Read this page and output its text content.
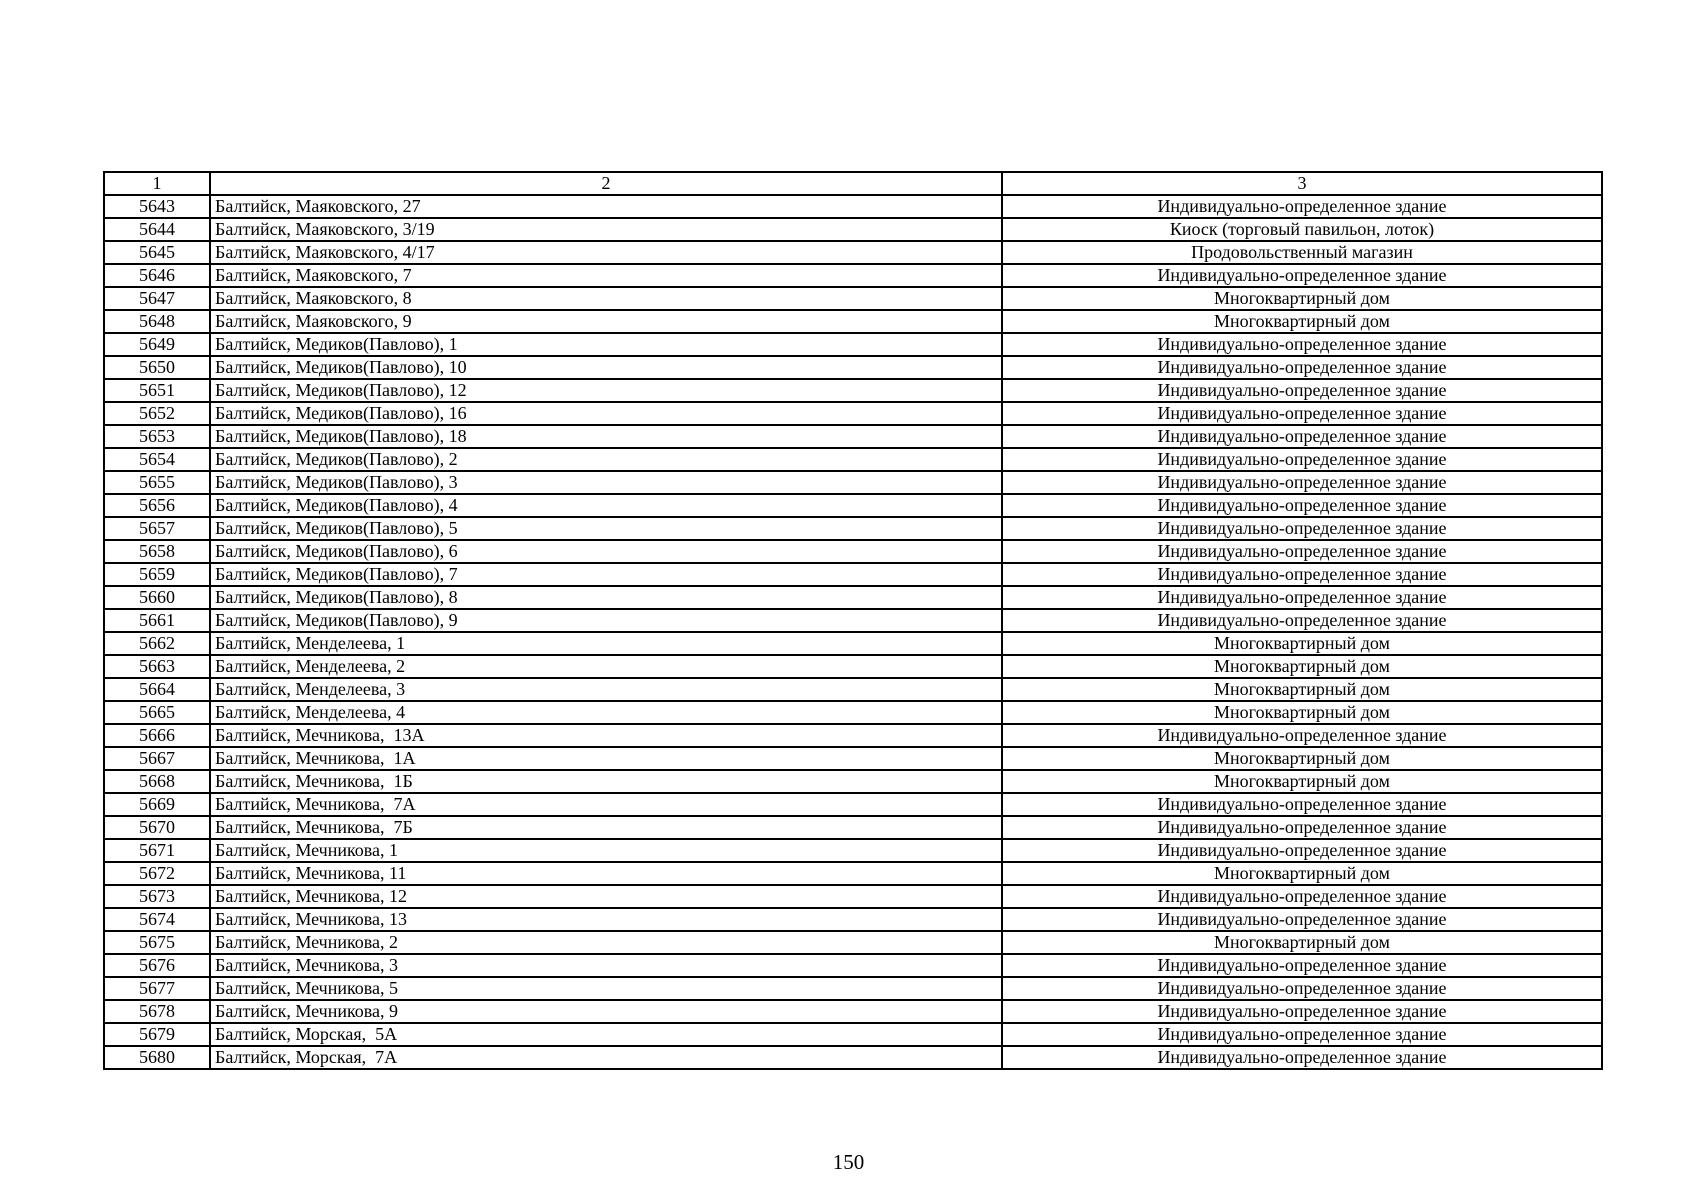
1	2	3
5643	Балтийск, Маяковского, 27	Индивидуально-определенное здание
5644	Балтийск, Маяковского, 3/19	Киоск (торговый павильон, лоток)
5645	Балтийск, Маяковского, 4/17	Продовольственный магазин
5646	Балтийск, Маяковского, 7	Индивидуально-определенное здание
5647	Балтийск, Маяковского, 8	Многоквартирный дом
5648	Балтийск, Маяковского, 9	Многоквартирный дом
5649	Балтийск, Медиков(Павлово), 1	Индивидуально-определенное здание
5650	Балтийск, Медиков(Павлово), 10	Индивидуально-определенное здание
5651	Балтийск, Медиков(Павлово), 12	Индивидуально-определенное здание
5652	Балтийск, Медиков(Павлово), 16	Индивидуально-определенное здание
5653	Балтийск, Медиков(Павлово), 18	Индивидуально-определенное здание
5654	Балтийск, Медиков(Павлово), 2	Индивидуально-определенное здание
5655	Балтийск, Медиков(Павлово), 3	Индивидуально-определенное здание
5656	Балтийск, Медиков(Павлово), 4	Индивидуально-определенное здание
5657	Балтийск, Медиков(Павлово), 5	Индивидуально-определенное здание
5658	Балтийск, Медиков(Павлово), 6	Индивидуально-определенное здание
5659	Балтийск, Медиков(Павлово), 7	Индивидуально-определенное здание
5660	Балтийск, Медиков(Павлово), 8	Индивидуально-определенное здание
5661	Балтийск, Медиков(Павлово), 9	Индивидуально-определенное здание
5662	Балтийск, Менделеева, 1	Многоквартирный дом
5663	Балтийск, Менделеева, 2	Многоквартирный дом
5664	Балтийск, Менделеева, 3	Многоквартирный дом
5665	Балтийск, Менделеева, 4	Многоквартирный дом
5666	Балтийск, Мечникова,  13А	Индивидуально-определенное здание
5667	Балтийск, Мечникова,  1А	Многоквартирный дом
5668	Балтийск, Мечникова,  1Б	Многоквартирный дом
5669	Балтийск, Мечникова,  7А	Индивидуально-определенное здание
5670	Балтийск, Мечникова,  7Б	Индивидуально-определенное здание
5671	Балтийск, Мечникова, 1	Индивидуально-определенное здание
5672	Балтийск, Мечникова, 11	Многоквартирный дом
5673	Балтийск, Мечникова, 12	Индивидуально-определенное здание
5674	Балтийск, Мечникова, 13	Индивидуально-определенное здание
5675	Балтийск, Мечникова, 2	Многоквартирный дом
5676	Балтийск, Мечникова, 3	Индивидуально-определенное здание
5677	Балтийск, Мечникова, 5	Индивидуально-определенное здание
5678	Балтийск, Мечникова, 9	Индивидуально-определенное здание
5679	Балтийск, Морская,  5А	Индивидуально-определенное здание
5680	Балтийск, Морская,  7А	Индивидуально-определенное здание
150
